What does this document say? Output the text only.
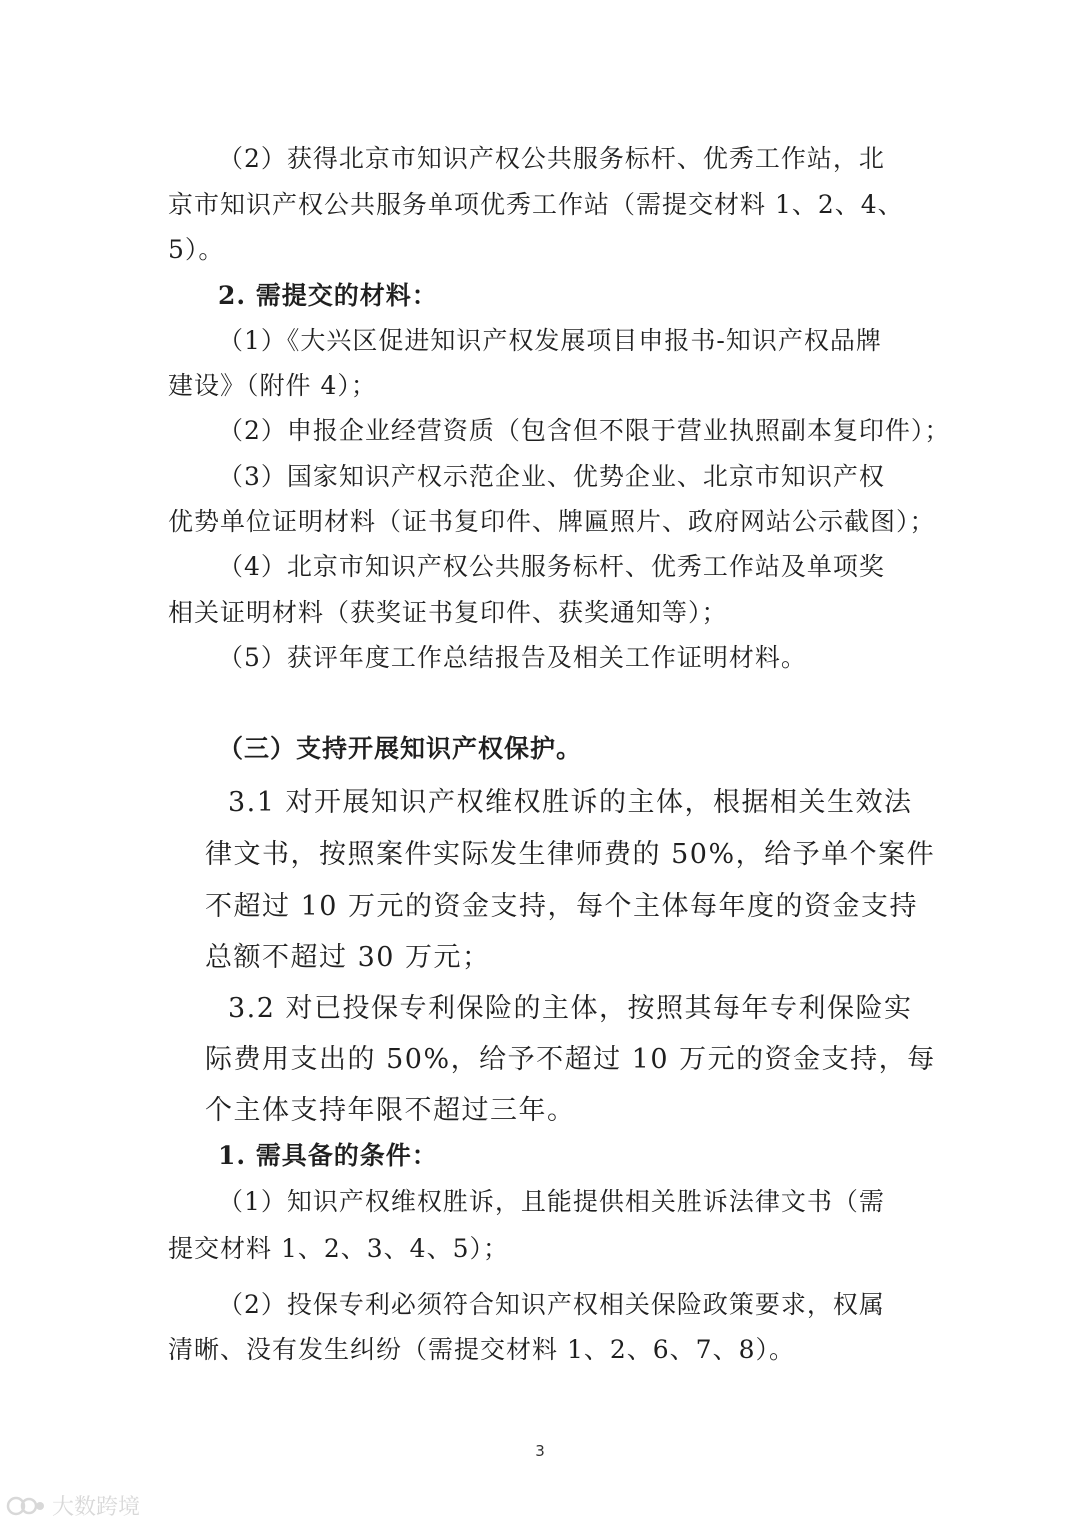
（2）获得北京市知识产权公共服务标杆、优秀工作站，北

京市知识产权公共服务单项优秀工作站（需提交材料 1、2、4、

5）。

2. 需提交的材料：

（1）《大兴区促进知识产权发展项目申报书-知识产权品牌

建设》（附件 4）；

（2）申报企业经营资质（包含但不限于营业执照副本复印件）；

（3）国家知识产权示范企业、优势企业、北京市知识产权

优势单位证明材料（证书复印件、牌匾照片、政府网站公示截图）；

（4）北京市知识产权公共服务标杆、优秀工作站及单项奖

相关证明材料（获奖证书复印件、获奖通知等）；

（5）获评年度工作总结报告及相关工作证明材料。

（三）支持开展知识产权保护。

3.1 对开展知识产权维权胜诉的主体，根据相关生效法

律文书，按照案件实际发生律师费的 50%，给予单个案件

不超过 10 万元的资金支持，每个主体每年度的资金支持

总额不超过 30 万元；

3.2 对已投保专利保险的主体，按照其每年专利保险实

际费用支出的 50%，给予不超过 10 万元的资金支持，每

个主体支持年限不超过三年。

1. 需具备的条件：

（1）知识产权维权胜诉，且能提供相关胜诉法律文书（需

提交材料 1、2、3、4、5）；

（2）投保专利必须符合知识产权相关保险政策要求，权属

清晰、没有发生纠纷（需提交材料 1、2、6、7、8）。

3
大数跨境
